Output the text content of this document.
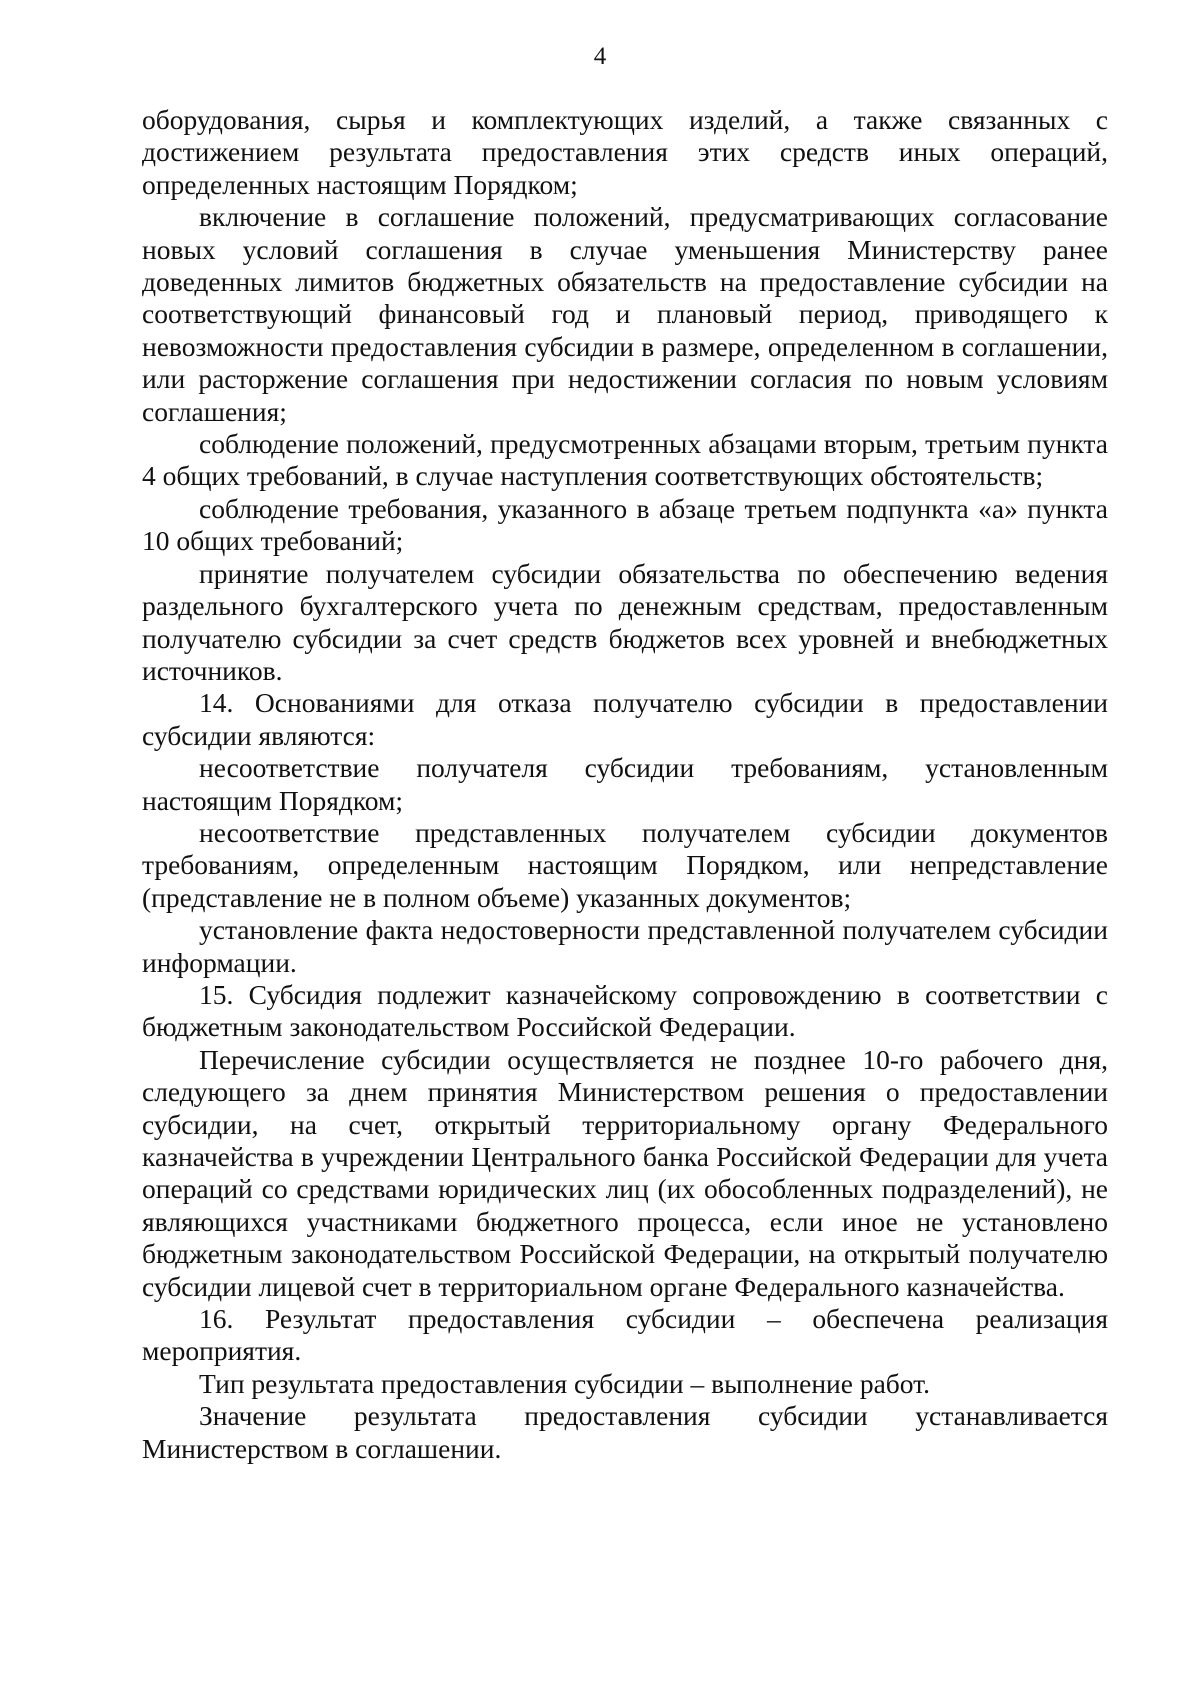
4

оборудования, сырья и комплектующих изделий, а также связанных с достижением результата предоставления этих средств иных операций, определенных настоящим Порядком;

включение в соглашение положений, предусматривающих согласование новых условий соглашения в случае уменьшения Министерству ранее доведенных лимитов бюджетных обязательств на предоставление субсидии на соответствующий финансовый год и плановый период, приводящего к невозможности предоставления субсидии в размере, определенном в соглашении, или расторжение соглашения при недостижении согласия по новым условиям соглашения;

соблюдение положений, предусмотренных абзацами вторым, третьим пункта 4 общих требований, в случае наступления соответствующих обстоятельств;

соблюдение требования, указанного в абзаце третьем подпункта «а» пункта 10 общих требований;

принятие получателем субсидии обязательства по обеспечению ведения раздельного бухгалтерского учета по денежным средствам, предоставленным получателю субсидии за счет средств бюджетов всех уровней и внебюджетных источников.

14. Основаниями для отказа получателю субсидии в предоставлении субсидии являются:

несоответствие получателя субсидии требованиям, установленным настоящим Порядком;

несоответствие представленных получателем субсидии документов требованиям, определенным настоящим Порядком, или непредставление (представление не в полном объеме) указанных документов;

установление факта недостоверности представленной получателем субсидии информации.

15. Субсидия подлежит казначейскому сопровождению в соответствии с бюджетным законодательством Российской Федерации.

Перечисление субсидии осуществляется не позднее 10-го рабочего дня, следующего за днем принятия Министерством решения о предоставлении субсидии, на счет, открытый территориальному органу Федерального казначейства в учреждении Центрального банка Российской Федерации для учета операций со средствами юридических лиц (их обособленных подразделений), не являющихся участниками бюджетного процесса, если иное не установлено бюджетным законодательством Российской Федерации, на открытый получателю субсидии лицевой счет в территориальном органе Федерального казначейства.

16. Результат предоставления субсидии – обеспечена реализация мероприятия.

Тип результата предоставления субсидии – выполнение работ.

Значение результата предоставления субсидии устанавливается Министерством в соглашении.
